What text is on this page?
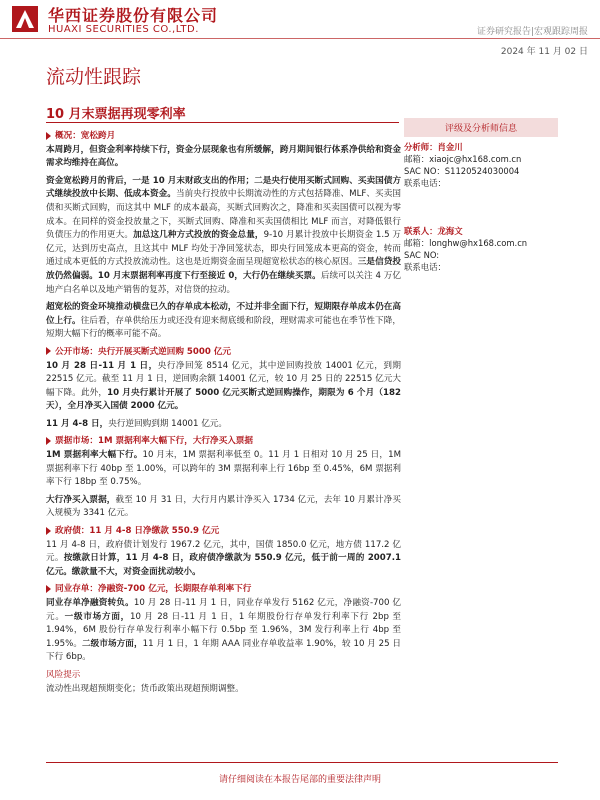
华西证券股份有限公司
HUAXI SECURITIES CO.,LTD.	证券研究报告|宏观跟踪周报
2024 年 11 月 02 日
流动性跟踪
10 月末票据再现零利率
概况：宽松跨月
本周跨月，但资金利率持续下行，资金分层现象也有所缓解，跨月期间银行体系净供给和资金需求均维持在高位。
资金宽松跨月的背后，一是 10 月末财政支出的作用；二是央行使用买断式回购、买卖国债方式继续投放中长期、低成本资金。当前央行投放中长期流动性的方式包括降准、MLF、买卖国债和买断式回购，而这其中 MLF 的成本最高，买断式回购次之，降准和买卖国债可以视为零成本。在同样的资金投放量之下，买断式回购、降准和买卖国债相比 MLF 而言，对降低银行负债压力的作用更大。加总这几种方式投放的资金总量，9-10 月累计投放中长期资金 1.5 万亿元，达到历史高点，且这其中 MLF 均处于净回笼状态，即央行回笼成本更高的资金，转而通过成本更低的方式投放流动性。这也是近期资金面呈现超宽松状态的核心原因。三是信贷投放仍然偏弱。10 月末票据利率再度下行至接近 0，大行仍在继续买票。后续可以关注 4 万亿地产白名单以及地产销售的复苏，对信贷的拉动。
超宽松的资金环境推动横盘已久的存单成本松动，不过并非全面下行，短期限存单成本仍在高位上行。往后看，存单供给压力或还没有迎来彻底缓和阶段，理财需求可能也在季节性下降，短期大幅下行的概率可能不高。
公开市场：央行开展买断式逆回购 5000 亿元
10 月 28 日-11 月 1 日，央行净回笼 8514 亿元，其中逆回购投放 14001 亿元，到期 22515 亿元。截至 11 月 1 日，逆回购余额 14001 亿元，较 10 月 25 日的 22515 亿元大幅下降。此外，10 月央行累计开展了 5000 亿元买断式逆回购操作，期限为 6 个月（182 天），全月净买入国债 2000 亿元。
11 月 4-8 日，央行逆回购到期 14001 亿元。
票据市场：1M 票据利率大幅下行，大行净买入票据
1M 票据利率大幅下行。10 月末，1M 票据利率低至 0。11 月 1 日相对 10 月 25 日，1M 票据利率下行 40bp 至 1.00%，可以跨年的 3M 票据利率上行 16bp 至 0.45%，6M 票据利率下行 18bp 至 0.75%。
大行净买入票据，截至 10 月 31 日，大行月内累计净买入 1734 亿元，去年 10 月累计净买入规模为 3341 亿元。
政府债：11 月 4-8 日净缴款 550.9 亿元
11 月 4-8 日，政府债计划发行 1967.2 亿元，其中，国债 1850.0 亿元，地方债 117.2 亿元。按缴款日计算，11 月 4-8 日，政府债净缴款为 550.9 亿元，低于前一周的 2007.1 亿元。缴款量不大，对资金面扰动较小。
同业存单：净融资-700 亿元，长期限存单利率下行
同业存单净融资转负。10 月 28 日-11 月 1 日，同业存单发行 5162 亿元，净融资-700 亿元。一级市场方面，10 月 28 日-11 月 1 日，1 年期股份行存单发行利率下行 2bp 至 1.94%，6M 股份行存单发行利率小幅下行 0.5bp 至 1.96%，3M 发行利率上行 4bp 至 1.95%。二级市场方面，11 月 1 日，1 年期 AAA 同业存单收益率 1.90%，较 10 月 25 日下行 6bp。
风险提示
流动性出现超预期变化；货币政策出现超预期调整。
评级及分析师信息
分析师：肖金川
邮箱：xiaojc@hx168.com.cn
SAC NO：S1120524030004
联系电话：
联系人：龙海文
邮箱：longhw@hx168.com.cn
SAC NO:
联系电话：
请仔细阅读在本报告尾部的重要法律声明
